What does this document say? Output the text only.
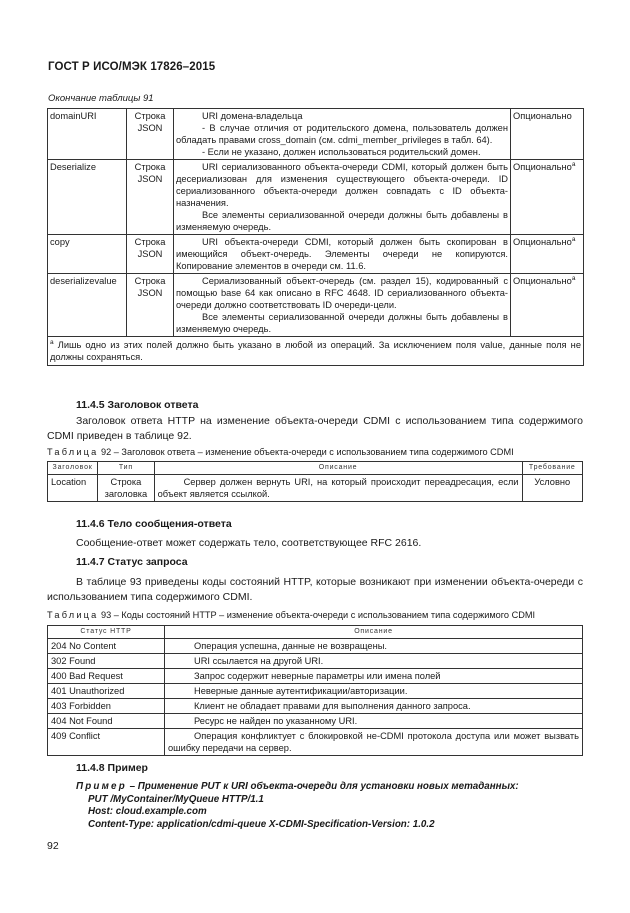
ГОСТ Р ИСО/МЭК 17826–2015
Окончание таблицы 91
domainURI	Строка JSON	URI домена-владельца

- В случае отличия от родительского домена, пользователь должен обладать правами cross_domain (см. cdmi_member_privileges в табл. 64).

- Если не указано, должен использоваться родительский домен.	Опционально
Deserialize	Строка JSON	URI сериализованного объекта-очереди CDMI, который должен быть десериализован для изменения существующего объекта-очереди. ID сериализованного объекта-очереди должен совпадать с ID объекта-назначения.

Все элементы сериализованной очереди должны быть добавлены в изменяемую очередь.	Опционально$^a$
copy	Строка JSON	URI объекта-очереди CDMI, который должен быть скопирован в имеющийся объект-очередь. Элементы очереди не копируются. Копирование элементов в очереди см. 11.6.	Опционально$^a$
deserializevalue	Строка JSON	Сериализованный объект-очередь (см. раздел 15), кодированный с помощью base 64 как описано в RFC 4648. ID сериализованного объекта-очереди должно соответствовать ID очереди-цели.

Все элементы сериализованной очереди должны быть добавлены в изменяемую очередь.	Опционально$^a$
$^a$ Лишь одно из этих полей должно быть указано в любой из операций. За исключением поля value, данные поля не должны сохраняться.			
11.4.5 Заголовок ответа
Заголовок ответа HTTP на изменение объекта-очереди CDMI с использованием типа содержимого CDMI приведен в таблице 92.
Таблица 92 – Заголовок ответа – изменение объекта-очереди с использованием типа содержимого CDMI
Заголовок	Тип	Описание	Требование
Location	Строка заголовка	Сервер должен вернуть URI, на который происходит переадресация, если объект является ссылкой.	Условно
11.4.6 Тело сообщения-ответа
Сообщение-ответ может содержать тело, соответствующее RFC 2616.
11.4.7 Статус запроса
В таблице 93 приведены коды состояний HTTP, которые возникают при изменении объекта-очереди с использованием типа содержимого CDMI.
Таблица 93 – Коды состояний HTTP – изменение объекта-очереди с использованием типа содержимого CDMI
Статус HTTP	Описание
204 No Content	Операция успешна, данные не возвращены.
302 Found	URI ссылается на другой URI.
400 Bad Request	Запрос содержит неверные параметры или имена полей
401 Unauthorized	Неверные данные аутентификации/авторизации.
403 Forbidden	Клиент не обладает правами для выполнения данного запроса.
404 Not Found	Ресурс не найден по указанному URI.
409 Conflict	Операция конфликтует с блокировкой не-CDMI протокола доступа или может вызвать ошибку передачи на сервер.
11.4.8 Пример
Пример – Применение PUT к URI объекта-очереди для установки новых метаданных:
PUT /MyContainer/MyQueue HTTP/1.1
Host: cloud.example.com
Content-Type: application/cdmi-queue X-CDMI-Specification-Version: 1.0.2
92
